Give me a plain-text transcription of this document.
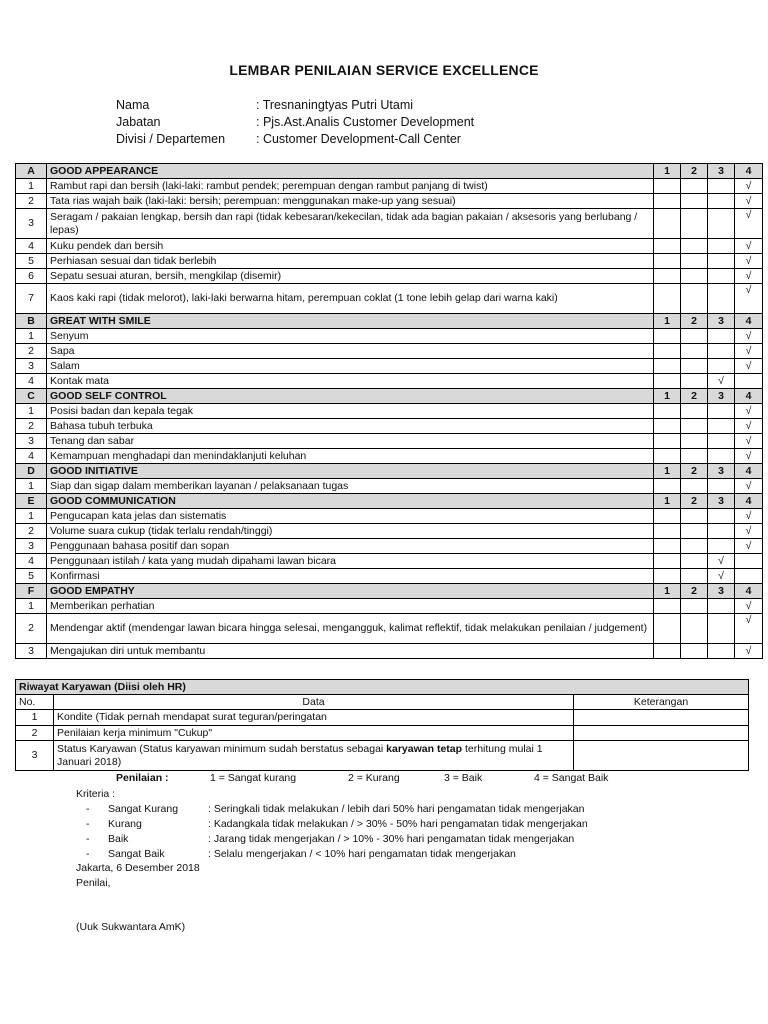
LEMBAR PENILAIAN SERVICE EXCELLENCE
Nama	: Tresnaningtyas Putri Utami
Jabatan	: Pjs.Ast.Analis Customer Development
Divisi / Departemen	: Customer Development-Call Center
A	GOOD APPEARANCE	1	2	3	4
1	Rambut rapi dan bersih (laki-laki: rambut pendek; perempuan dengan rambut panjang di twist)				√
2	Tata rias wajah baik (laki-laki: bersih; perempuan: menggunakan make-up yang sesuai)				√
3	Seragam / pakaian lengkap, bersih dan rapi (tidak kebesaran/kekecilan, tidak ada bagian pakaian / aksesoris yang berlubang / lepas)				√
4	Kuku pendek dan bersih				√
5	Perhiasan sesuai dan tidak berlebih				√
6	Sepatu sesuai aturan, bersih, mengkilap (disemir)				√
7	Kaos kaki rapi (tidak melorot), laki-laki berwarna hitam, perempuan coklat (1 tone lebih gelap dari warna kaki)				√
B	GREAT WITH SMILE	1	2	3	4
1	Senyum				√
2	Sapa				√
3	Salam				√
4	Kontak mata			√	
C	GOOD SELF CONTROL	1	2	3	4
1	Posisi badan dan kepala tegak				√
2	Bahasa tubuh terbuka				√
3	Tenang dan sabar				√
4	Kemampuan menghadapi dan menindaklanjuti keluhan				√
D	GOOD INITIATIVE	1	2	3	4
1	Siap dan sigap dalam memberikan layanan / pelaksanaan tugas				√
E	GOOD COMMUNICATION	1	2	3	4
1	Pengucapan kata jelas dan sistematis				√
2	Volume suara cukup (tidak terlalu rendah/tinggi)				√
3	Penggunaan bahasa positif dan sopan				√
4	Penggunaan istilah / kata yang mudah dipahami lawan bicara			√	
5	Konfirmasi			√	
F	GOOD EMPATHY	1	2	3	4
1	Memberikan perhatian				√
2	Mendengar aktif (mendengar lawan bicara hingga selesai, mengangguk, kalimat reflektif, tidak melakukan penilaian / judgement)				√
3	Mengajukan diri untuk membantu				√
Riwayat Karyawan (Diisi oleh HR)		
No.	Data	Keterangan
1	Kondite (Tidak pernah mendapat surat teguran/peringatan	
2	Penilaian kerja minimum "Cukup"	
3	Status Karyawan (Status karyawan minimum sudah berstatus sebagai karyawan tetap terhitung mulai 1 Januari 2018)	
Penilaian :	1 = Sangat kurang	2 = Kurang	3 = Baik	4 = Sangat Baik
Kriteria :
-	Sangat Kurang	: Seringkali tidak melakukan / lebih dari 50% hari pengamatan tidak mengerjakan
-	Kurang	: Kadangkala tidak melakukan / > 30% - 50% hari pengamatan tidak mengerjakan
-	Baik	: Jarang tidak mengerjakan / > 10% - 30% hari pengamatan tidak mengerjakan
-	Sangat Baik	: Selalu mengerjakan / < 10% hari pengamatan tidak mengerjakan
Jakarta, 6 Desember 2018
Penilai,
(Uuk Sukwantara AmK)
